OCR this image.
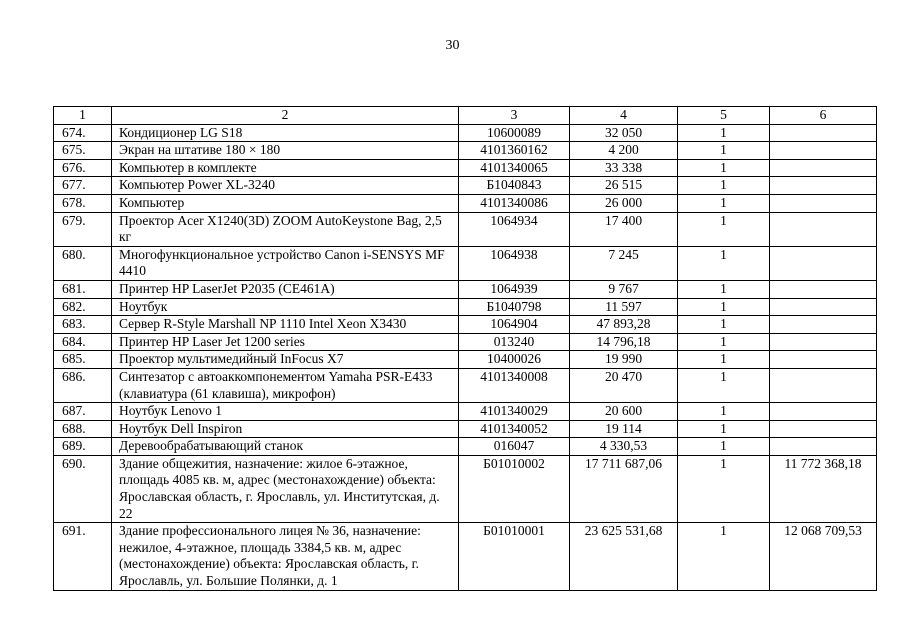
30
1	2	3	4	5	6
674.	Кондиционер LG S18	10600089	32 050	1	
675.	Экран на штативе 180 × 180	4101360162	4 200	1	
676.	Компьютер в комплекте	4101340065	33 338	1	
677.	Компьютер Power XL-3240	Б1040843	26 515	1	
678.	Компьютер	4101340086	26 000	1	
679.	Проектор Acer X1240(3D) ZOOM AutoKeystone Bag, 2,5 кг	1064934	17 400	1	
680.	Многофункциональное устройство Canon i-SENSYS MF 4410	1064938	7 245	1	
681.	Принтер HP LaserJet P2035 (CE461A)	1064939	9 767	1	
682.	Ноутбук	Б1040798	11 597	1	
683.	Сервер R-Style Marshall NP 1110 Intel Xeon X3430	1064904	47 893,28	1	
684.	Принтер HP Laser Jet 1200 series	013240	14 796,18	1	
685.	Проектор мультимедийный InFocus X7	10400026	19 990	1	
686.	Синтезатор с автоаккомпонементом Yamaha PSR-E433 (клавиатура (61 клавиша), микрофон)	4101340008	20 470	1	
687.	Ноутбук Lenovo 1	4101340029	20 600	1	
688.	Ноутбук Dell Inspiron	4101340052	19 114	1	
689.	Деревообрабатывающий станок	016047	4 330,53	1	
690.	Здание общежития, назначение: жилое 6-этажное, площадь 4085 кв. м, адрес (местонахождение) объекта: Ярославская область, г. Ярославль, ул. Институтская, д. 22	Б01010002	17 711 687,06	1	11 772 368,18
691.	Здание профессионального лицея № 36, назначение: нежилое, 4-этажное, площадь 3384,5 кв. м, адрес (местонахождение) объекта: Ярославская область, г. Ярославль, ул. Большие Полянки, д. 1	Б01010001	23 625 531,68	1	12 068 709,53
